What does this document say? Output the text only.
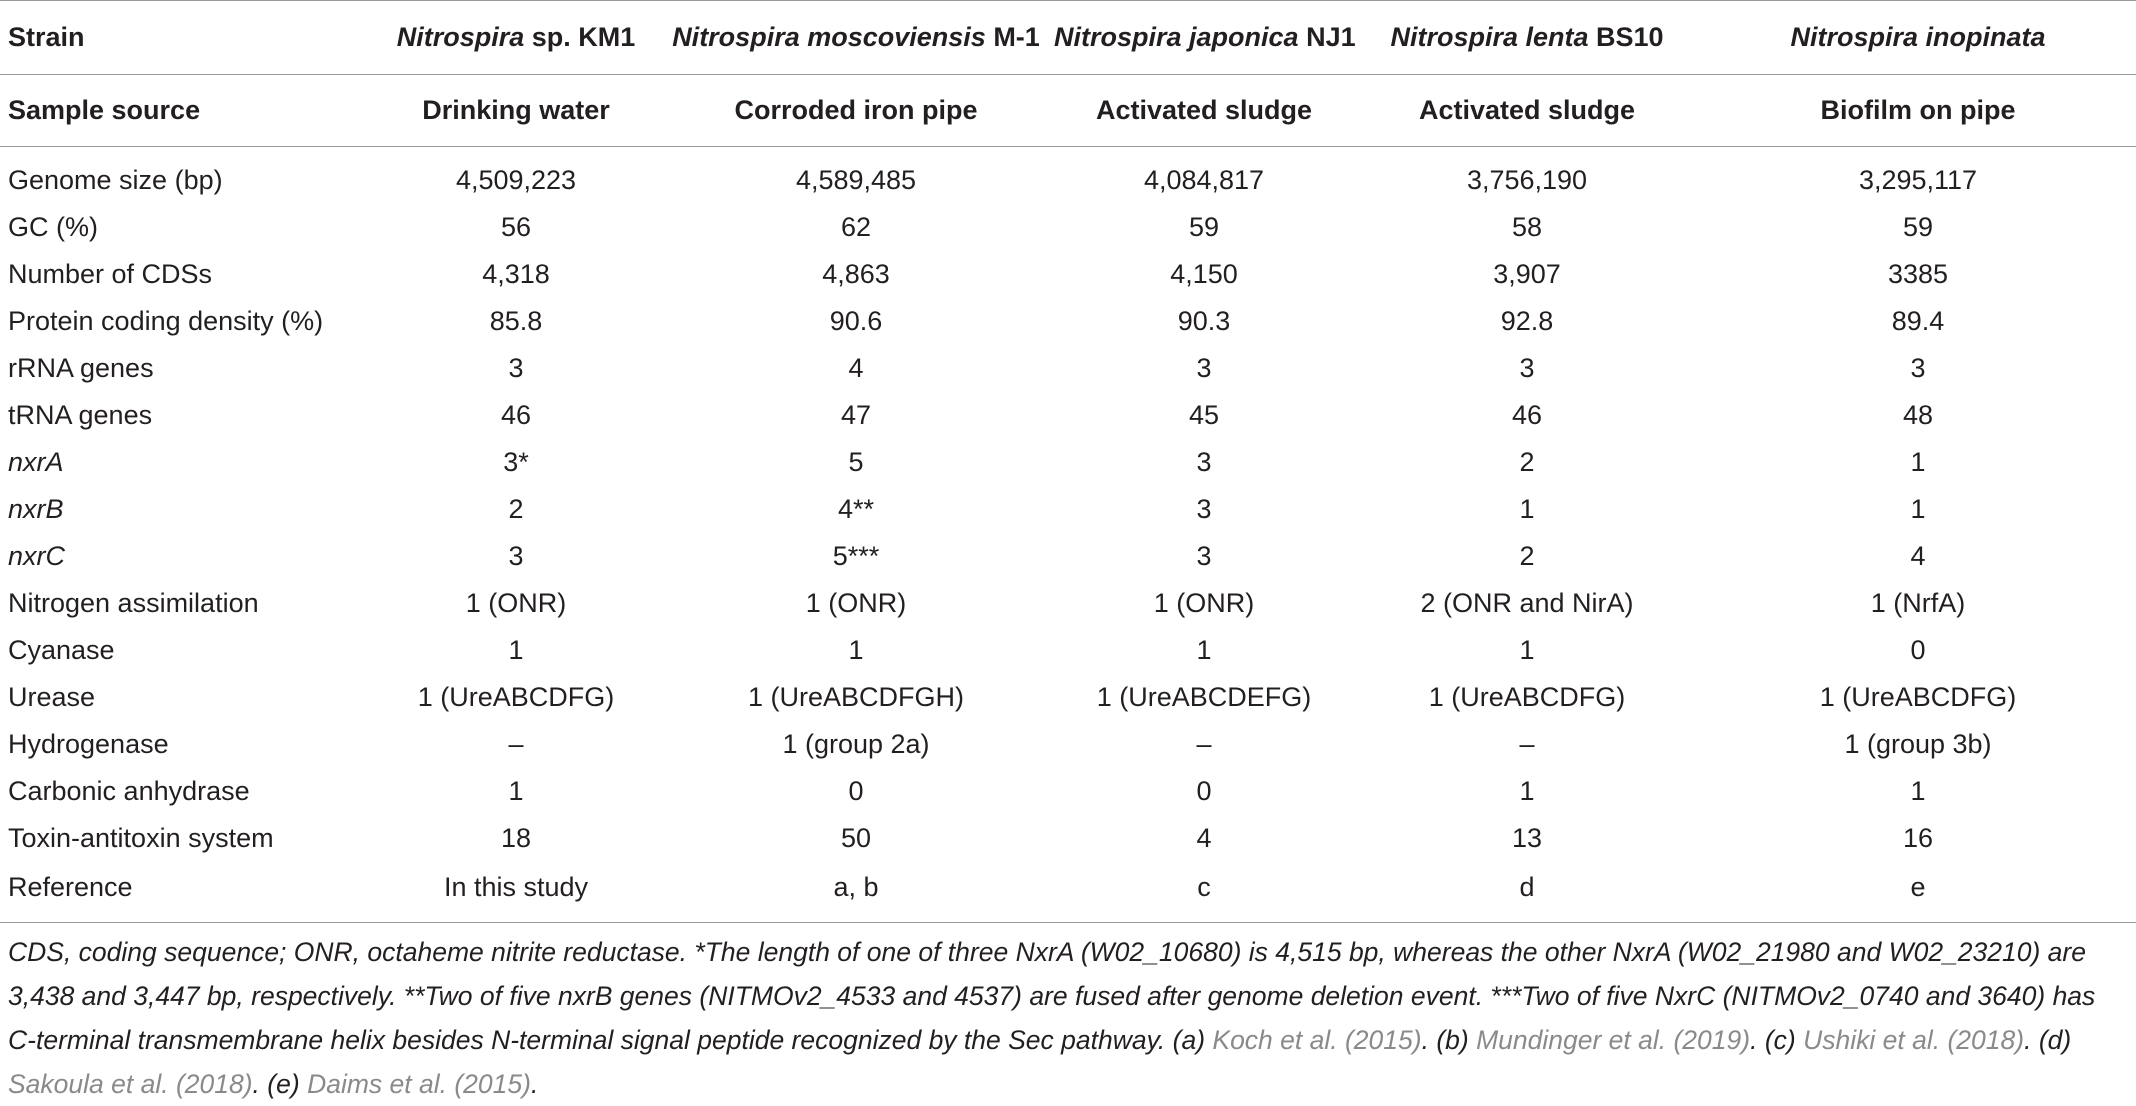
Strain	Nitrospira sp. KM1	Nitrospira moscoviensis M-1	Nitrospira japonica NJ1	Nitrospira lenta BS10	Nitrospira inopinata
Sample source	Drinking water	Corroded iron pipe	Activated sludge	Activated sludge	Biofilm on pipe
Genome size (bp)	4,509,223	4,589,485	4,084,817	3,756,190	3,295,117
GC (%)	56	62	59	58	59
Number of CDSs	4,318	4,863	4,150	3,907	3385
Protein coding density (%)	85.8	90.6	90.3	92.8	89.4
rRNA genes	3	4	3	3	3
tRNA genes	46	47	45	46	48
nxrA	3*	5	3	2	1
nxrB	2	4**	3	1	1
nxrC	3	5***	3	2	4
Nitrogen assimilation	1 (ONR)	1 (ONR)	1 (ONR)	2 (ONR and NirA)	1 (NrfA)
Cyanase	1	1	1	1	0
Urease	1 (UreABCDFG)	1 (UreABCDFGH)	1 (UreABCDEFG)	1 (UreABCDFG)	1 (UreABCDFG)
Hydrogenase	–	1 (group 2a)	–	–	1 (group 3b)
Carbonic anhydrase	1	0	0	1	1
Toxin-antitoxin system	18	50	4	13	16
Reference	In this study	a, b	c	d	e
CDS, coding sequence; ONR, octaheme nitrite reductase. *The length of one of three NxrA (W02_10680) is 4,515 bp, whereas the other NxrA (W02_21980 and W02_23210) are 3,438 and 3,447 bp, respectively. **Two of five nxrB genes (NITMOv2_4533 and 4537) are fused after genome deletion event. ***Two of five NxrC (NITMOv2_0740 and 3640) has C-terminal transmembrane helix besides N-terminal signal peptide recognized by the Sec pathway. (a) Koch et al. (2015). (b) Mundinger et al. (2019). (c) Ushiki et al. (2018). (d) Sakoula et al. (2018). (e) Daims et al. (2015).
